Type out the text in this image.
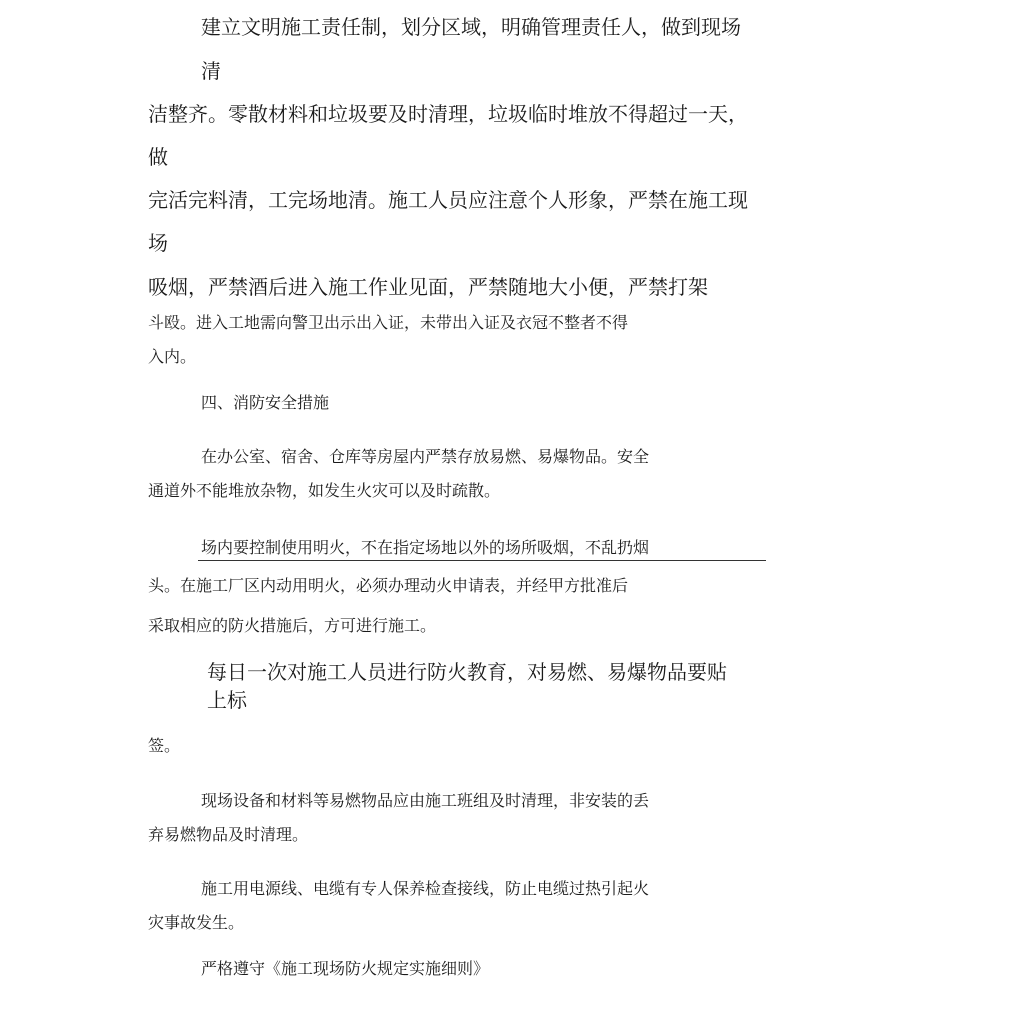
建立文明施工责任制，划分区域，明确管理责任人，做到现场
清
洁整齐。零散材料和垃圾要及时清理，垃圾临时堆放不得超过一天，
做
完活完料清，工完场地清。施工人员应注意个人形象，严禁在施工现
场
吸烟，严禁酒后进入施工作业见面，严禁随地大小便，严禁打架
斗殴。进入工地需向警卫出示出入证，未带出入证及衣冠不整者不得
入内。
四、消防安全措施
在办公室、宿舍、仓库等房屋内严禁存放易燃、易爆物品。安全
通道外不能堆放杂物，如发生火灾可以及时疏散。
场内要控制使用明火，不在指定场地以外的场所吸烟，不乱扔烟
头。在施工厂区内动用明火，必须办理动火申请表，并经甲方批准后
采取相应的防火措施后，方可进行施工。
每日一次对施工人员进行防火教育，对易燃、易爆物品要贴
上标
签。
现场设备和材料等易燃物品应由施工班组及时清理，非安装的丢
弃易燃物品及时清理。
施工用电源线、电缆有专人保养检查接线，防止电缆过热引起火
灾事故发生。
严格遵守《施工现场防火规定实施细则》
